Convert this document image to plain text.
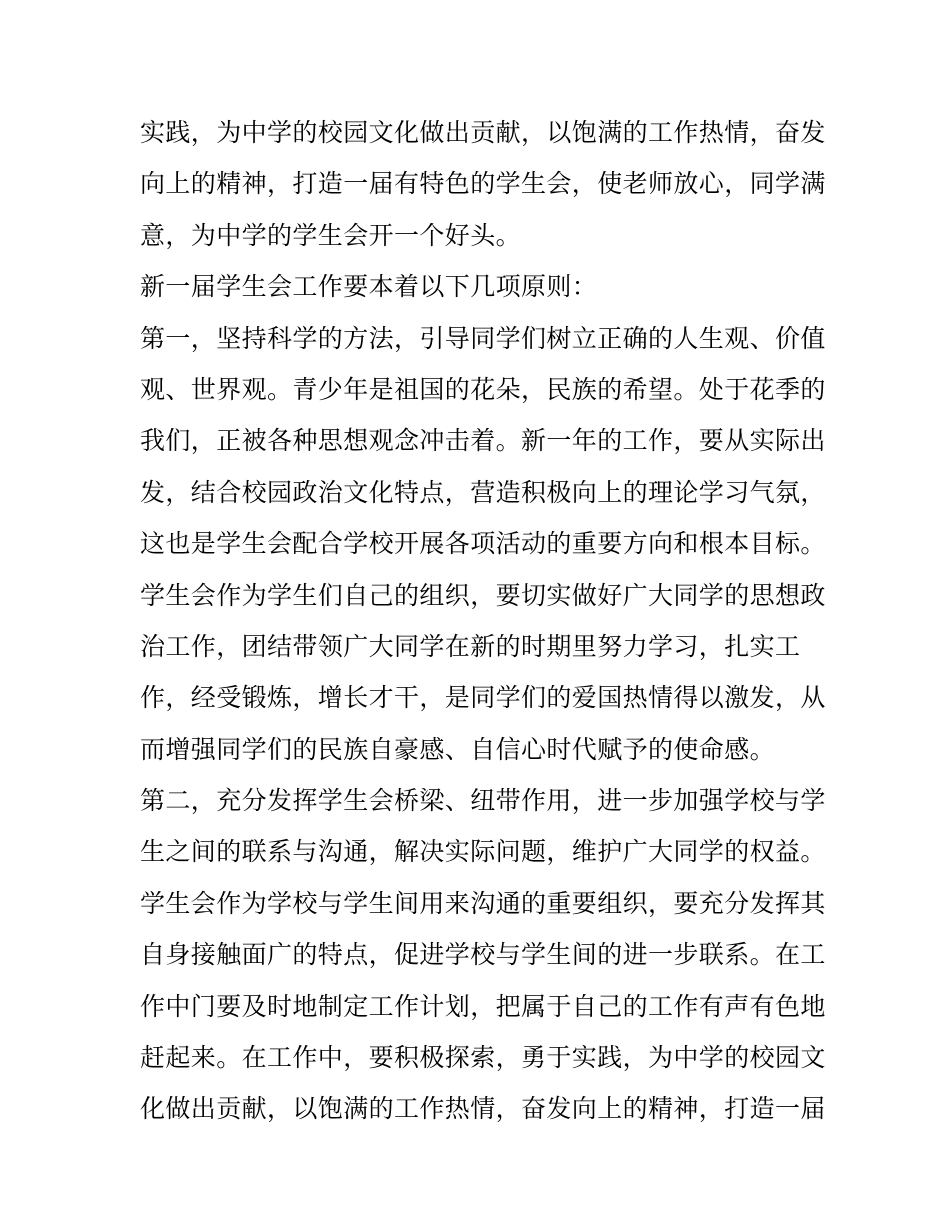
实践，为中学的校园文化做出贡献，以饱满的工作热情，奋发
向上的精神，打造一届有特色的学生会，使老师放心，同学满
意，为中学的学生会开一个好头。
新一届学生会工作要本着以下几项原则：
第一，坚持科学的方法，引导同学们树立正确的人生观、价值
观、世界观。青少年是祖国的花朵，民族的希望。处于花季的
我们，正被各种思想观念冲击着。新一年的工作，要从实际出
发，结合校园政治文化特点，营造积极向上的理论学习气氛，
这也是学生会配合学校开展各项活动的重要方向和根本目标。
学生会作为学生们自己的组织，要切实做好广大同学的思想政
治工作，团结带领广大同学在新的时期里努力学习，扎实工
作，经受锻炼，增长才干，是同学们的爱国热情得以激发，从
而增强同学们的民族自豪感、自信心时代赋予的使命感。
第二，充分发挥学生会桥梁、纽带作用，进一步加强学校与学
生之间的联系与沟通，解决实际问题，维护广大同学的权益。
学生会作为学校与学生间用来沟通的重要组织，要充分发挥其
自身接触面广的特点，促进学校与学生间的进一步联系。在工
作中门要及时地制定工作计划，把属于自己的工作有声有色地
赶起来。在工作中，要积极探索，勇于实践，为中学的校园文
化做出贡献，以饱满的工作热情，奋发向上的精神，打造一届
